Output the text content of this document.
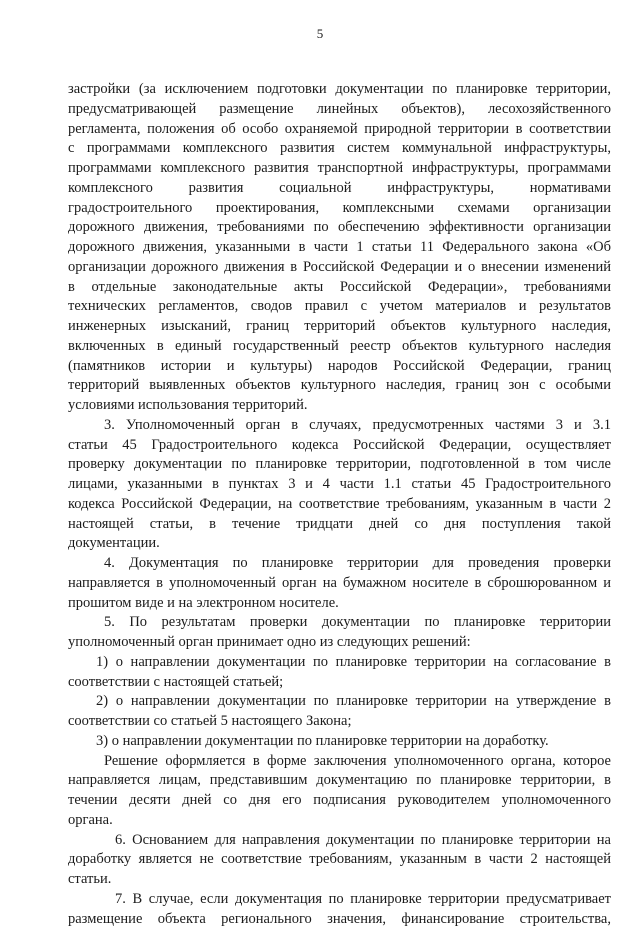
5
застройки (за исключением подготовки документации по планировке территории,
предусматривающей размещение линейных объектов), лесохозяйственного
регламента, положения об особо охраняемой природной территории в соответствии
с программами комплексного развития систем коммунальной инфраструктуры,
программами комплексного развития транспортной инфраструктуры, программами
комплексного развития социальной инфраструктуры, нормативами
градостроительного проектирования, комплексными схемами организации
дорожного движения, требованиями по обеспечению эффективности организации
дорожного движения, указанными в части 1 статьи 11 Федерального закона «Об
организации дорожного движения в Российской Федерации и о внесении изменений
в отдельные законодательные акты Российской Федерации», требованиями
технических регламентов, сводов правил с учетом материалов и результатов
инженерных изысканий, границ территорий объектов культурного наследия,
включенных в единый государственный реестр объектов культурного наследия
(памятников истории и культуры) народов Российской Федерации, границ
территорий выявленных объектов культурного наследия, границ зон с особыми
условиями использования территорий.
3. Уполномоченный орган в случаях, предусмотренных частями 3 и 3.1
статьи 45 Градостроительного кодекса Российской Федерации, осуществляет
проверку документации по планировке территории, подготовленной в том числе
лицами, указанными в пунктах 3 и 4 части 1.1 статьи 45 Градостроительного
кодекса Российской Федерации, на соответствие требованиям, указанным в части 2
настоящей статьи, в течение тридцати дней со дня поступления такой
документации.
4. Документация по планировке территории для проведения проверки
направляется в уполномоченный орган на бумажном носителе в сброшюрованном и
прошитом виде и на электронном носителе.
5. По результатам проверки документации по планировке территории
уполномоченный орган принимает одно из следующих решений:
1) о направлении документации по планировке территории на согласование в
соответствии с настоящей статьей;
2) о направлении документации по планировке территории на утверждение в
соответствии со статьей 5 настоящего Закона;
3) о направлении документации по планировке территории на доработку.
Решение оформляется в форме заключения уполномоченного органа, которое
направляется лицам, представившим документацию по планировке территории, в
течении десяти дней со дня его подписания руководителем уполномоченного
органа.
6. Основанием для направления документации по планировке территории на
доработку является не соответствие требованиям, указанным в части 2 настоящей
статьи.
7. В случае, если документация по планировке территории предусматривает
размещение объекта регионального значения, финансирование строительства,
